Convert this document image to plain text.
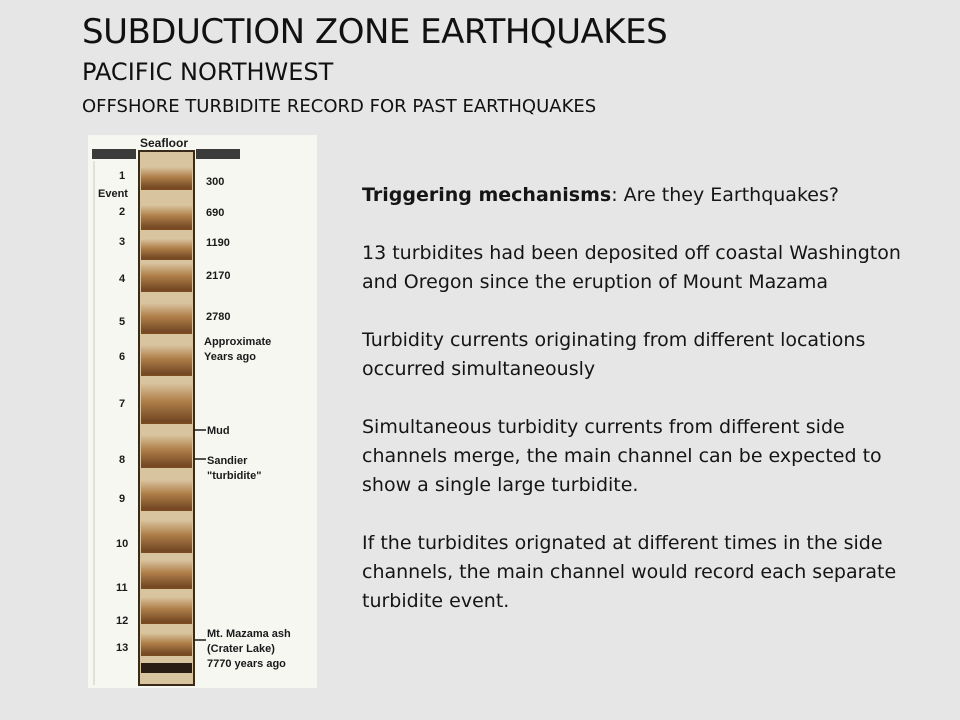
SUBDUCTION ZONE EARTHQUAKES
PACIFIC NORTHWEST
OFFSHORE TURBIDITE RECORD FOR PAST EARTHQUAKES
Seafloor
1
2
3
4
5
6
7
8
9
10
11
12
13
Event
300
690
1190
2170
2780
Approximate
Years ago
Mud
Sandier
"turbidite"
Mt. Mazama ash
(Crater Lake)
7770 years ago

Triggering mechanisms: Are they Earthquakes?

13 turbidites had been deposited off coastal Washington and Oregon since the eruption of Mount Mazama

Turbidity currents originating from different locations occurred simultaneously

Simultaneous turbidity currents from different side channels merge, the main channel can be expected to show a single large turbidite.

If the turbidites orignated at different times in the side channels, the main channel would record each separate turbidite event.
